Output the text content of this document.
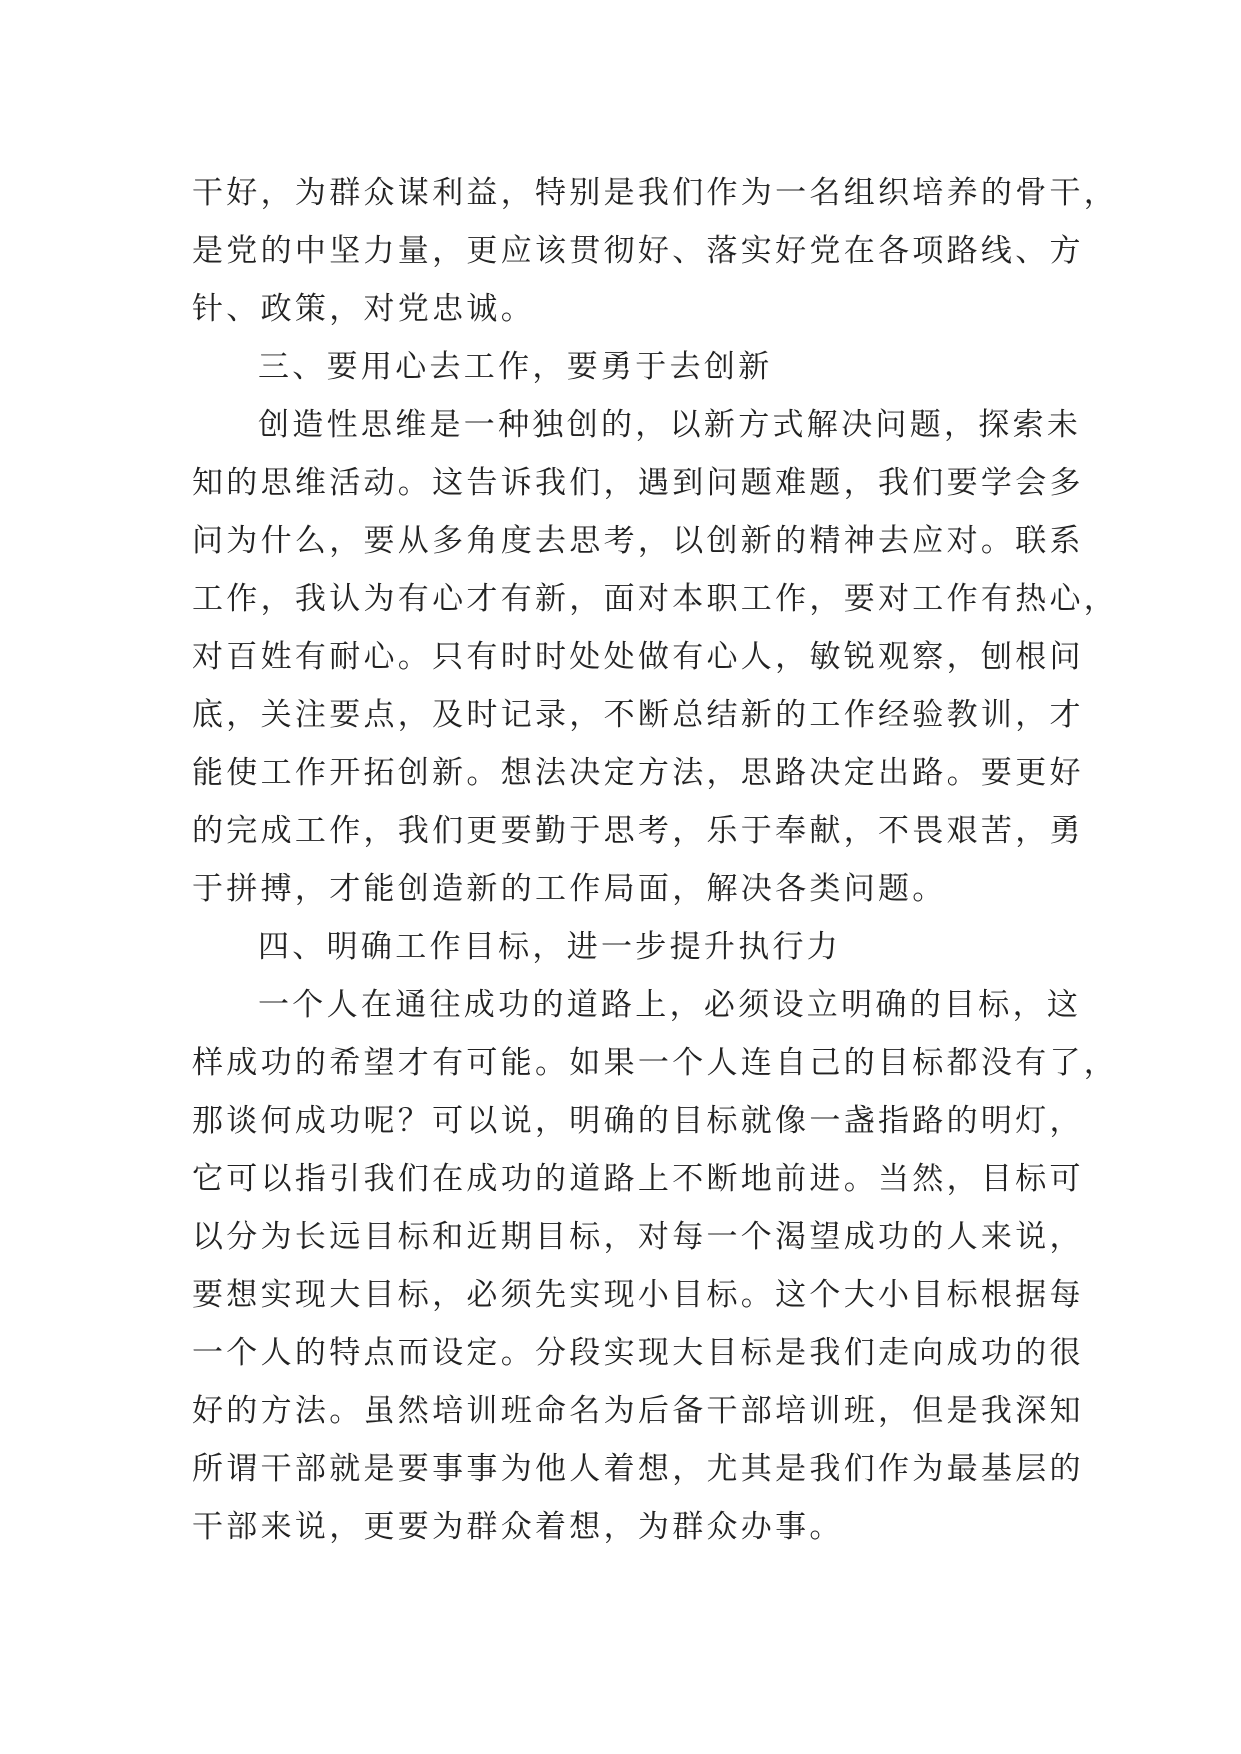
干好，为群众谋利益，特别是我们作为一名组织培养的骨干，
是党的中坚力量，更应该贯彻好、落实好党在各项路线、方
针、政策，对党忠诚。
三、要用心去工作，要勇于去创新
创造性思维是一种独创的，以新方式解决问题，探索未
知的思维活动。这告诉我们，遇到问题难题，我们要学会多
问为什么，要从多角度去思考，以创新的精神去应对。联系
工作，我认为有心才有新，面对本职工作，要对工作有热心，
对百姓有耐心。只有时时处处做有心人，敏锐观察，刨根问
底，关注要点，及时记录，不断总结新的工作经验教训，才
能使工作开拓创新。想法决定方法，思路决定出路。要更好
的完成工作，我们更要勤于思考，乐于奉献，不畏艰苦，勇
于拼搏，才能创造新的工作局面，解决各类问题。
四、明确工作目标，进一步提升执行力
一个人在通往成功的道路上，必须设立明确的目标，这
样成功的希望才有可能。如果一个人连自己的目标都没有了，
那谈何成功呢？可以说，明确的目标就像一盏指路的明灯，
它可以指引我们在成功的道路上不断地前进。当然，目标可
以分为长远目标和近期目标，对每一个渴望成功的人来说，
要想实现大目标，必须先实现小目标。这个大小目标根据每
一个人的特点而设定。分段实现大目标是我们走向成功的很
好的方法。虽然培训班命名为后备干部培训班，但是我深知
所谓干部就是要事事为他人着想，尤其是我们作为最基层的
干部来说，更要为群众着想，为群众办事。
